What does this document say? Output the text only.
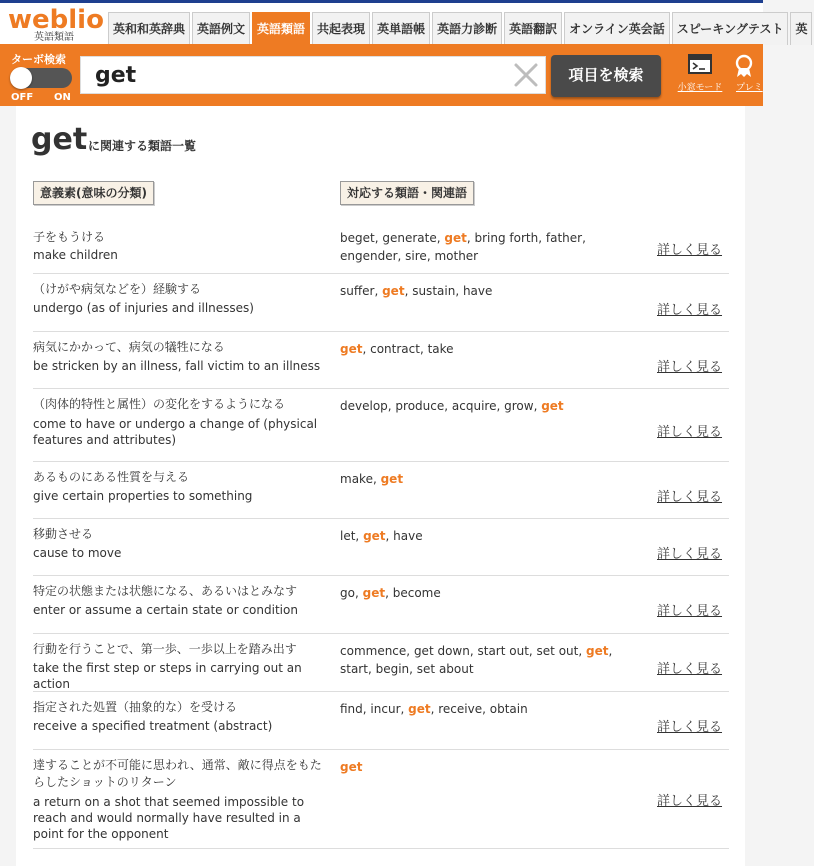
weblio
英語類語
英和和英辞典	英語例文	英語類語	共起表現	英単語帳	英語力診断	英語翻訳	オンライン英会話	スピーキングテスト	英
ターボ検索
OFF ON
get
項目を検索
小窓モード プレミ
get に関連する類語一覧
意義素(意味の分類)	対応する類語・関連語
子をもうける
make children
beget, generate, get, bring forth, father, engender, sire, mother	詳しく見る
（けがや病気などを）経験する
undergo (as of injuries and illnesses)
suffer, get, sustain, have
詳しく見る
病気にかかって、病気の犠牲になる
be stricken by an illness, fall victim to an illness
get, contract, take
詳しく見る
（肉体的特性と属性）の変化をするようになる
come to have or undergo a change of (physical features and attributes)
develop, produce, acquire, grow, get
詳しく見る
あるものにある性質を与える
give certain properties to something
make, get
詳しく見る
移動させる
cause to move
let, get, have
詳しく見る
特定の状態または状態になる、あるいはとみなす
enter or assume a certain state or condition
go, get, become
詳しく見る
行動を行うことで、第一歩、一歩以上を踏み出す
take the first step or steps in carrying out an action
commence, get down, start out, set out, get, start, begin, set about	詳しく見る
指定された処置（抽象的な）を受ける
receive a specified treatment (abstract)
find, incur, get, receive, obtain
詳しく見る
達することが不可能に思われ、通常、敵に得点をもたらしたショットのリターン
a return on a shot that seemed impossible to reach and would normally have resulted in a point for the opponent
get
詳しく見る
